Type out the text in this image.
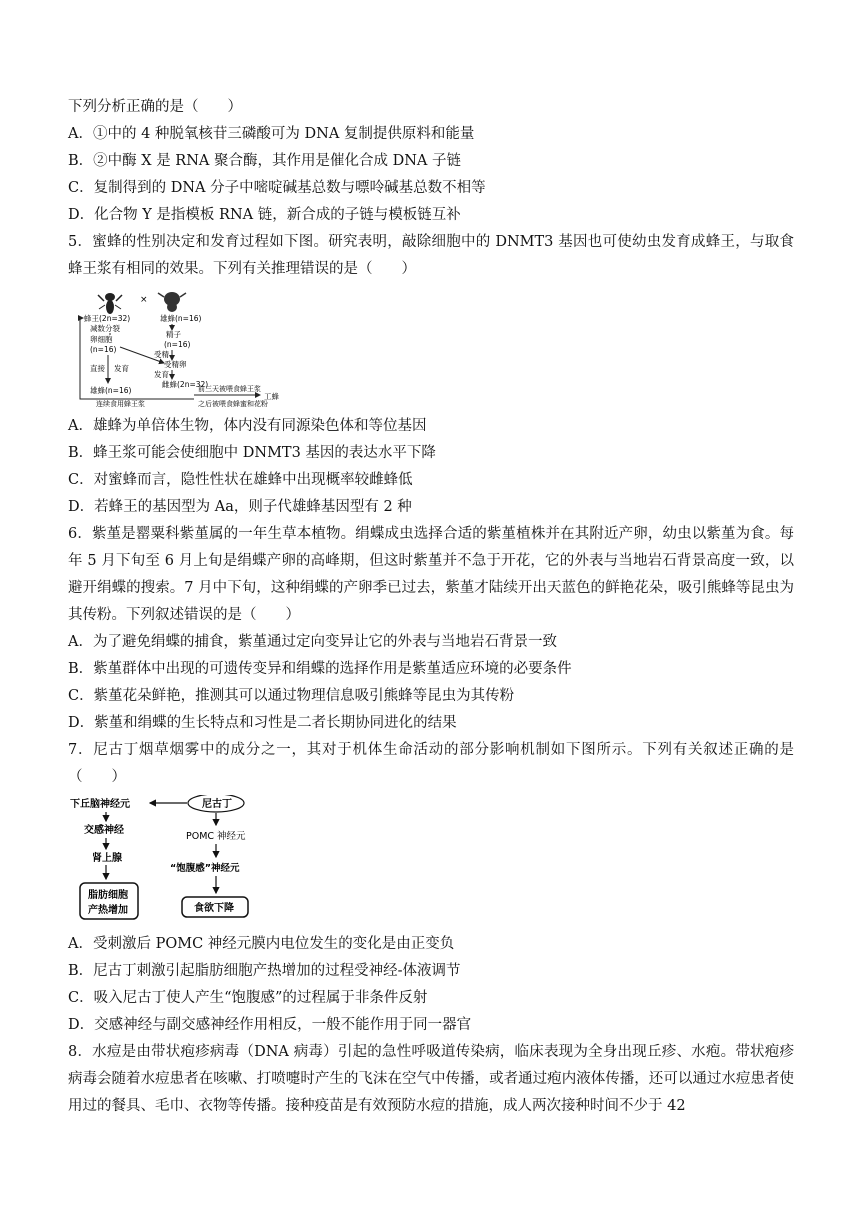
下列分析正确的是（　　）
A．①中的 4 种脱氧核苷三磷酸可为 DNA 复制提供原料和能量
B．②中酶 X 是 RNA 聚合酶，其作用是催化合成 DNA 子链
C．复制得到的 DNA 分子中嘧啶碱基总数与嘌呤碱基总数不相等
D．化合物 Y 是指模板 RNA 链，新合成的子链与模板链互补
5．蜜蜂的性别决定和发育过程如下图。研究表明，敲除细胞中的 DNMT3 基因也可使幼虫发育成蜂王，与取食蜂王浆有相同的效果。下列有关推理错误的是（　　）
×
蜂王(2n=32)	雄蜂(n=16)
减数分裂
卵细胞
(n=16)
精子
(n=16)
受精
受精卵
发育
直接 发育
雄蜂(n=16)
雌蜂(2n=32)
前三天被喂食蜂王浆
之后被喂食蜂蜜和花粉
工蜂
连续食用蜂王浆
A．雄蜂为单倍体生物，体内没有同源染色体和等位基因
B．蜂王浆可能会使细胞中 DNMT3 基因的表达水平下降
C．对蜜蜂而言，隐性性状在雄蜂中出现概率较雌蜂低
D．若蜂王的基因型为 Aa，则子代雄蜂基因型有 2 种
6．紫堇是罂粟科紫堇属的一年生草本植物。绢蝶成虫选择合适的紫堇植株并在其附近产卵，幼虫以紫堇为食。每年 5 月下旬至 6 月上旬是绢蝶产卵的高峰期，但这时紫堇并不急于开花，它的外表与当地岩石背景高度一致，以避开绢蝶的搜索。7 月中下旬，这种绢蝶的产卵季已过去，紫堇才陆续开出天蓝色的鲜艳花朵，吸引熊蜂等昆虫为其传粉。下列叙述错误的是（　　）
A．为了避免绢蝶的捕食，紫堇通过定向变异让它的外表与当地岩石背景一致
B．紫堇群体中出现的可遗传变异和绢蝶的选择作用是紫堇适应环境的必要条件
C．紫堇花朵鲜艳，推测其可以通过物理信息吸引熊蜂等昆虫为其传粉
D．紫堇和绢蝶的生长特点和习性是二者长期协同进化的结果
7．尼古丁烟草烟雾中的成分之一，其对于机体生命活动的部分影响机制如下图所示。下列有关叙述正确的是（　　）
下丘脑神经元	尼古丁
交感神经
POMC 神经元
肾上腺
“饱腹感”神经元
脂肪细胞
产热增加	食欲下降
A．受刺激后 POMC 神经元膜内电位发生的变化是由正变负
B．尼古丁刺激引起脂肪细胞产热增加的过程受神经-体液调节
C．吸入尼古丁使人产生“饱腹感”的过程属于非条件反射
D．交感神经与副交感神经作用相反，一般不能作用于同一器官
8．水痘是由带状疱疹病毒（DNA 病毒）引起的急性呼吸道传染病，临床表现为全身出现丘疹、水疱。带状疱疹病毒会随着水痘患者在咳嗽、打喷嚏时产生的飞沫在空气中传播，或者通过疱内液体传播，还可以通过水痘患者使用过的餐具、毛巾、衣物等传播。接种疫苗是有效预防水痘的措施，成人两次接种时间不少于 42
